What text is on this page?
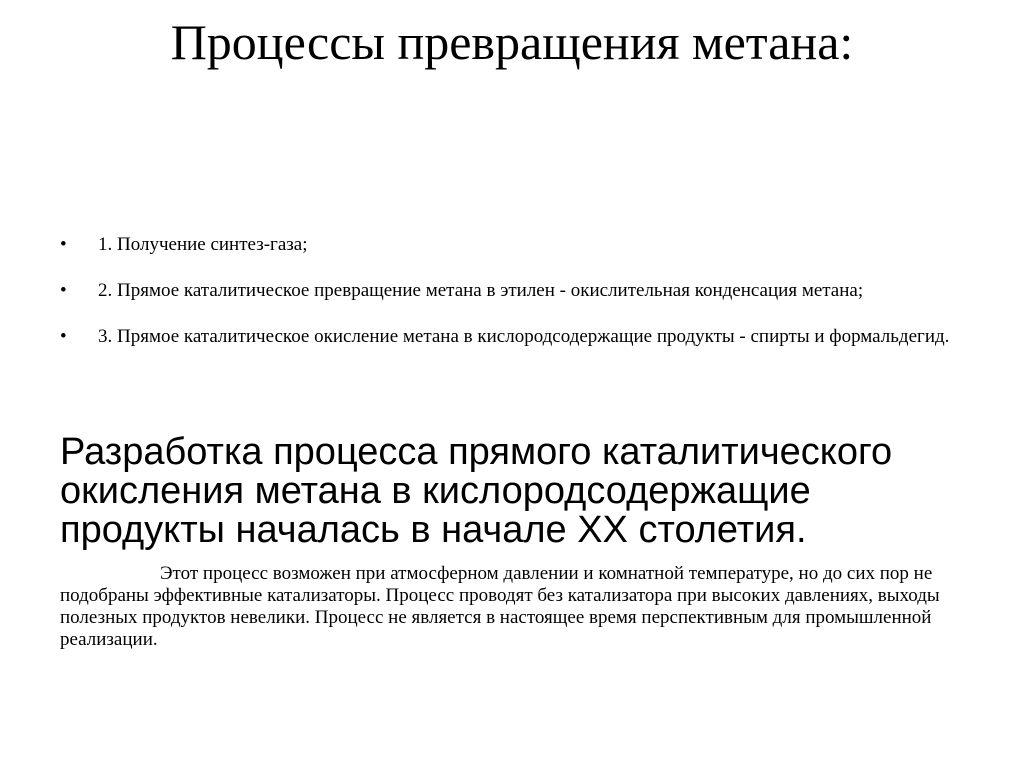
Процессы превращения метана:
• 1. Получение синтез-газа;
• 2. Прямое каталитическое превращение метана в этилен - окислительная конденсация метана;
• 3. Прямое каталитическое окисление метана в кислородсодержащие продукты - спирты и формальдегид.
Разработка процесса прямого каталитического окисления метана в кислородсодержащие продукты началась в начале XX столетия.

Этот процесс возможен при атмосферном давлении и комнатной температуре, но до сих пор не подобраны эффективные катализаторы. Процесс проводят без катализатора при высоких давлениях, выходы полезных продуктов невелики. Процесс не является в настоящее время перспективным для промышленной реализации.
